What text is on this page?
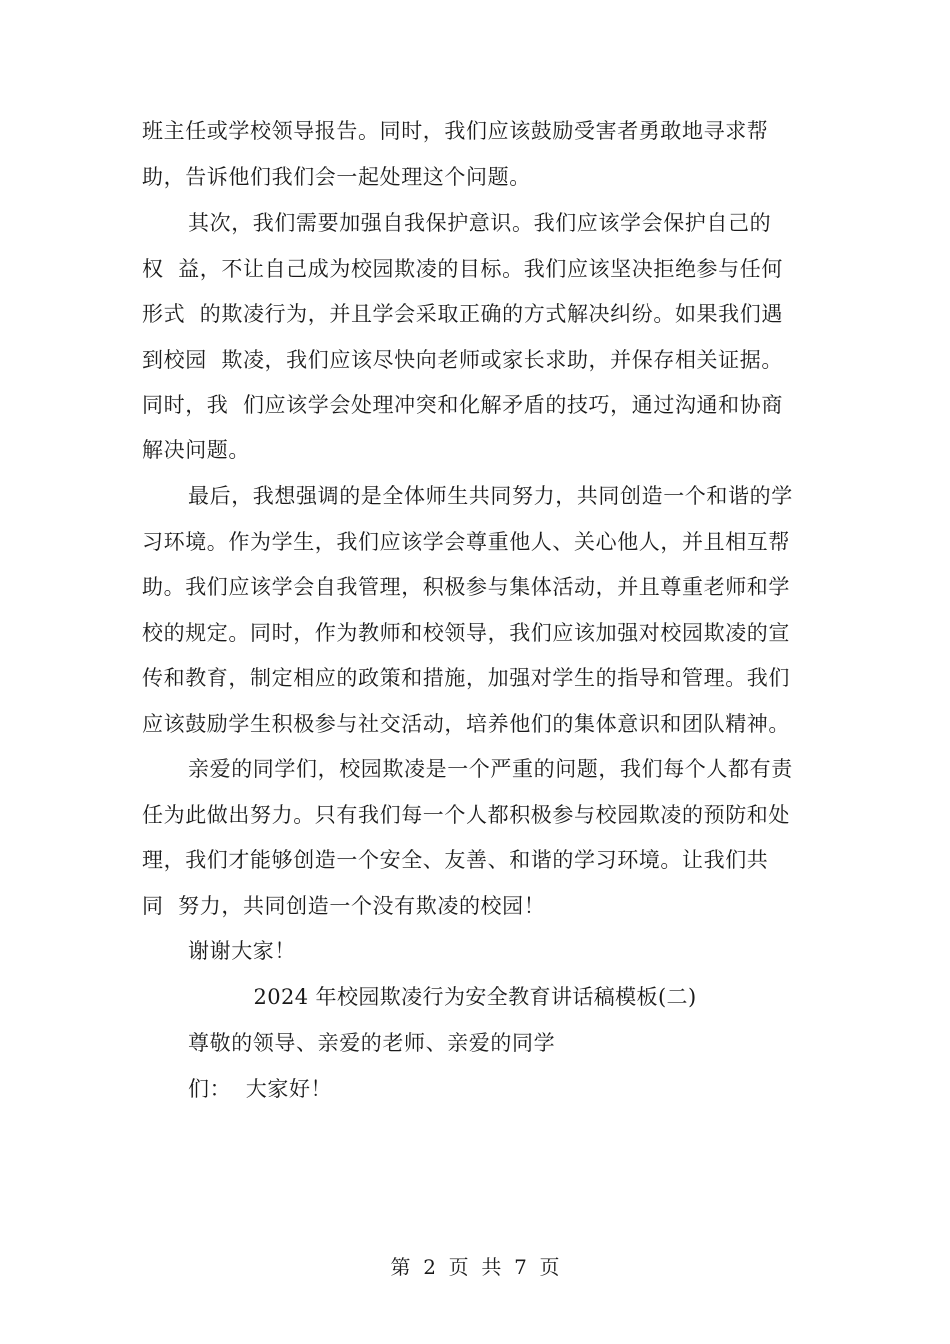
班主任或学校领导报告。同时，我们应该鼓励受害者勇敢地寻求帮
助，告诉他们我们会一起处理这个问题。
其次，我们需要加强自我保护意识。我们应该学会保护自己的
权  益，不让自己成为校园欺凌的目标。我们应该坚决拒绝参与任何
形式  的欺凌行为，并且学会采取正确的方式解决纠纷。如果我们遇
到校园  欺凌，我们应该尽快向老师或家长求助，并保存相关证据。
同时，我  们应该学会处理冲突和化解矛盾的技巧，通过沟通和协商
解决问题。
最后，我想强调的是全体师生共同努力，共同创造一个和谐的学
习环境。作为学生，我们应该学会尊重他人、关心他人，并且相互帮
助。我们应该学会自我管理，积极参与集体活动，并且尊重老师和学
校的规定。同时，作为教师和校领导，我们应该加强对校园欺凌的宣
传和教育，制定相应的政策和措施，加强对学生的指导和管理。我们
应该鼓励学生积极参与社交活动，培养他们的集体意识和团队精神。
亲爱的同学们，校园欺凌是一个严重的问题，我们每个人都有责
任为此做出努力。只有我们每一个人都积极参与校园欺凌的预防和处
理，我们才能够创造一个安全、友善、和谐的学习环境。让我们共
同  努力，共同创造一个没有欺凌的校园！
谢谢大家！
2024 年校园欺凌行为安全教育讲话稿模板(二)
尊敬的领导、亲爱的老师、亲爱的同学
们：  大家好！
第  2  页  共  7  页
